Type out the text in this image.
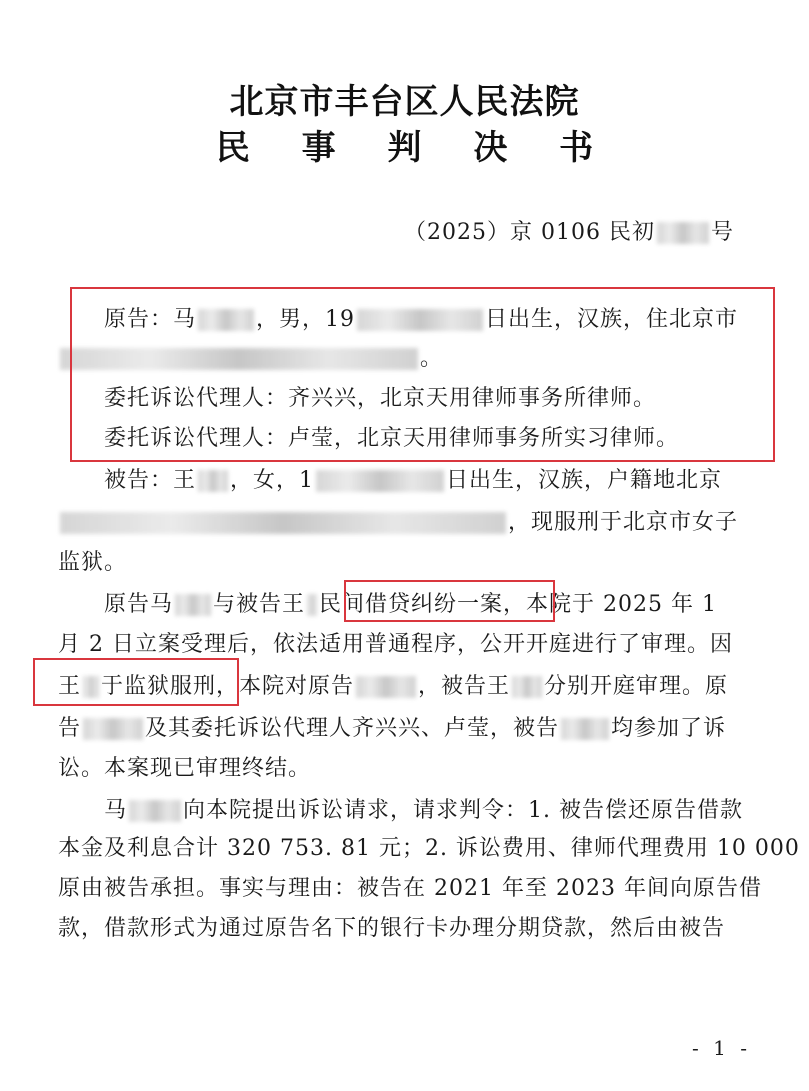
北京市丰台区人民法院
民 事 判 决 书
（2025）京 0106 民初	号
原告：马	，男，19	日出生，汉族，住北京市
。
委托诉讼代理人：齐兴兴，北京天用律师事务所律师。
委托诉讼代理人：卢莹，北京天用律师事务所实习律师。
被告：王 ，女，1	日出生，汉族，户籍地北京
，现服刑于北京市女子
监狱。
原告马 与被告王 民间借贷纠纷一案，本院于 2025 年 1
月 2 日立案受理后，依法适用普通程序，公开开庭进行了审理。因
王 于监狱服刑，本院对原告	，被告王 分别开庭审理。原
告	及其委托诉讼代理人齐兴兴、卢莹，被告 均参加了诉
讼。本案现已审理终结。
马	向本院提出诉讼请求，请求判令：1. 被告偿还原告借款
本金及利息合计 320 753. 81 元；2. 诉讼费用、律师代理费用 10 000
原由被告承担。事实与理由：被告在 2021 年至 2023 年间向原告借
款，借款形式为通过原告名下的银行卡办理分期贷款，然后由被告
- 1 -
